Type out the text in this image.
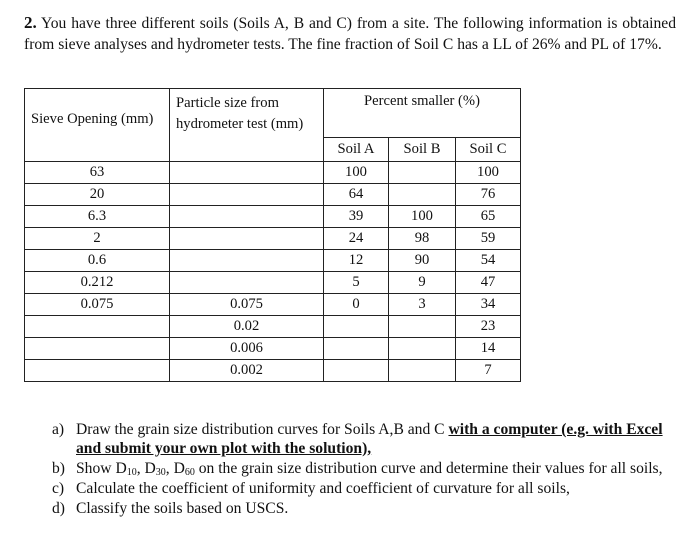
2. You have three different soils (Soils A, B and C) from a site. The following information is obtained from sieve analyses and hydrometer tests. The fine fraction of Soil C has a LL of 26% and PL of 17%.
Sieve Opening (mm)	Particle size from hydrometer test (mm)	Percent smaller (%)		
		Soil A	Soil B	Soil C
63		100		100
20		64		76
6.3		39	100	65
2		24	98	59
0.6		12	90	54
0.212		5	9	47
0.075	0.075	0	3	34
	0.02			23
	0.006			14
	0.002			7
a) Draw the grain size distribution curves for Soils A,B and C with a computer (e.g. with Excel and submit your own plot with the solution),
b) Show $D_{10}$, $D_{30}$, $D_{60}$ on the grain size distribution curve and determine their values for all soils,
c) Calculate the coefficient of uniformity and coefficient of curvature for all soils,
d) Classify the soils based on USCS.
